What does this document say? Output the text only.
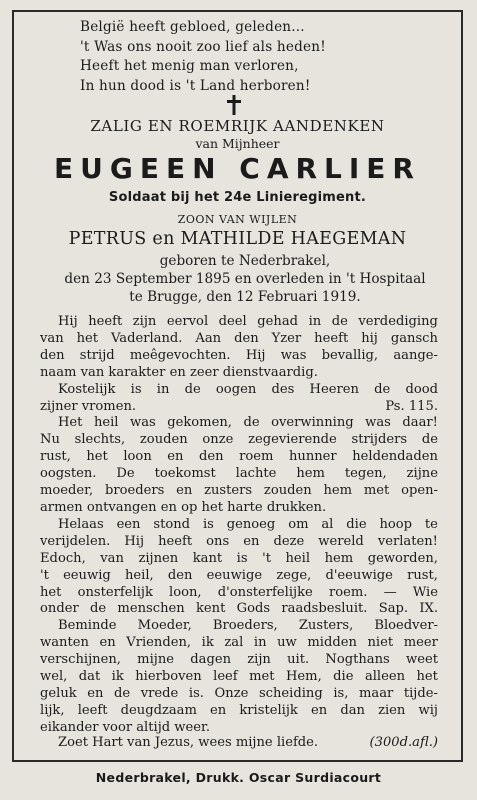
België heeft gebloed, geleden...
't Was ons nooit zoo lief als heden!
Heeft het menig man verloren,
In hun dood is 't Land herboren!
ZALIG EN ROEMRIJK AANDENKEN
van Mijnheer
EUGEEN CARLIER
Soldaat bij het 24e Linieregiment.
ZOON VAN WIJLEN
PETRUS en MATHILDE HAEGEMAN
geboren te Nederbrakel,
den 23 September 1895 en overleden in 't Hospitaal
te Brugge, den 12 Februari 1919.
Hij heeft zijn eervol deel gehad in de verdediging
van het Vaderland. Aan den Yzer heeft hij gansch
den strijd meêgevochten. Hij was bevallig, aange-
naam van karakter en zeer dienstvaardig.
Kostelijk is in de oogen des Heeren de dood
zijner vromen.	Ps. 115.
Het heil was gekomen, de overwinning was daar!
Nu slechts, zouden onze zegevierende strijders de
rust, het loon en den roem hunner heldendaden
oogsten. De toekomst lachte hem tegen, zijne
moeder, broeders en zusters zouden hem met open-
armen ontvangen en op het harte drukken.
Helaas een stond is genoeg om al die hoop te
verijdelen. Hij heeft ons en deze wereld verlaten!
Edoch, van zijnen kant is 't heil hem geworden,
't eeuwig heil, den eeuwige zege, d'eeuwige rust,
het onsterfelijk loon, d'onsterfelijke roem. — Wie
onder de menschen kent Gods raadsbesluit. Sap. IX.
Beminde Moeder, Broeders, Zusters, Bloedver-
wanten en Vrienden, ik zal in uw midden niet meer
verschijnen, mijne dagen zijn uit. Nogthans weet
wel, dat ik hierboven leef met Hem, die alleen het
geluk en de vrede is. Onze scheiding is, maar tijde-
lijk, leeft deugdzaam en kristelijk en dan zien wij
eikander voor altijd weer.
Zoet Hart van Jezus, wees mijne liefde.	(300d.afl.)
Nederbrakel, Drukk. Oscar Surdiacourt
